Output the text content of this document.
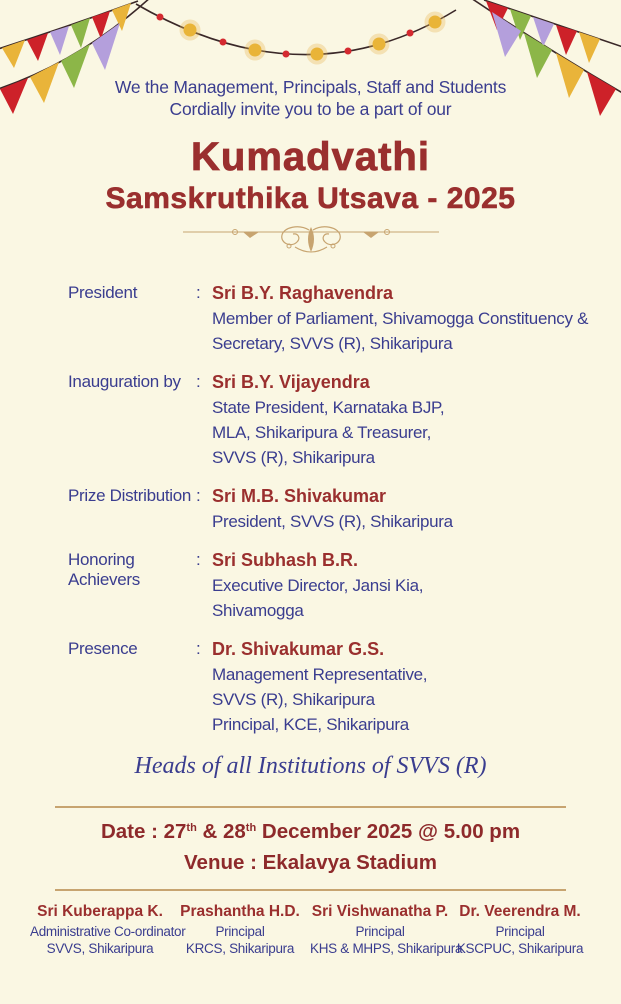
We the Management, Principals, Staff and Students
Cordially invite you to be a part of our
Kumadvathi
Samskruthika Utsava - 2025
President	: Sri B.Y. Raghavendra
Member of Parliament, Shivamogga Constituency &
Secretary, SVVS (R), Shikaripura
Inauguration by : Sri B.Y. Vijayendra
State President, Karnataka BJP,
MLA, Shikaripura & Treasurer,
SVVS (R), Shikaripura
Prize Distribution : Sri M.B. Shivakumar
President, SVVS (R), Shikaripura
Honoring Achievers
: Sri Subhash B.R.
Executive Director, Jansi Kia,
Shivamogga
Presence	: Dr. Shivakumar G.S.
Management Representative,
SVVS (R), Shikaripura
Principal, KCE, Shikaripura
Heads of all Institutions of SVVS (R)
Date : 27th & 28th December 2025 @ 5.00 pm
Venue : Ekalavya Stadium
Sri Kuberappa K.
Administrative Co-ordinator
SVVS, Shikaripura
Prashantha H.D.
Principal
KRCS, Shikaripura
Sri Vishwanatha P.
Principal
KHS & MHPS, Shikaripura
Dr. Veerendra M.
Principal
KSCPUC, Shikaripura
